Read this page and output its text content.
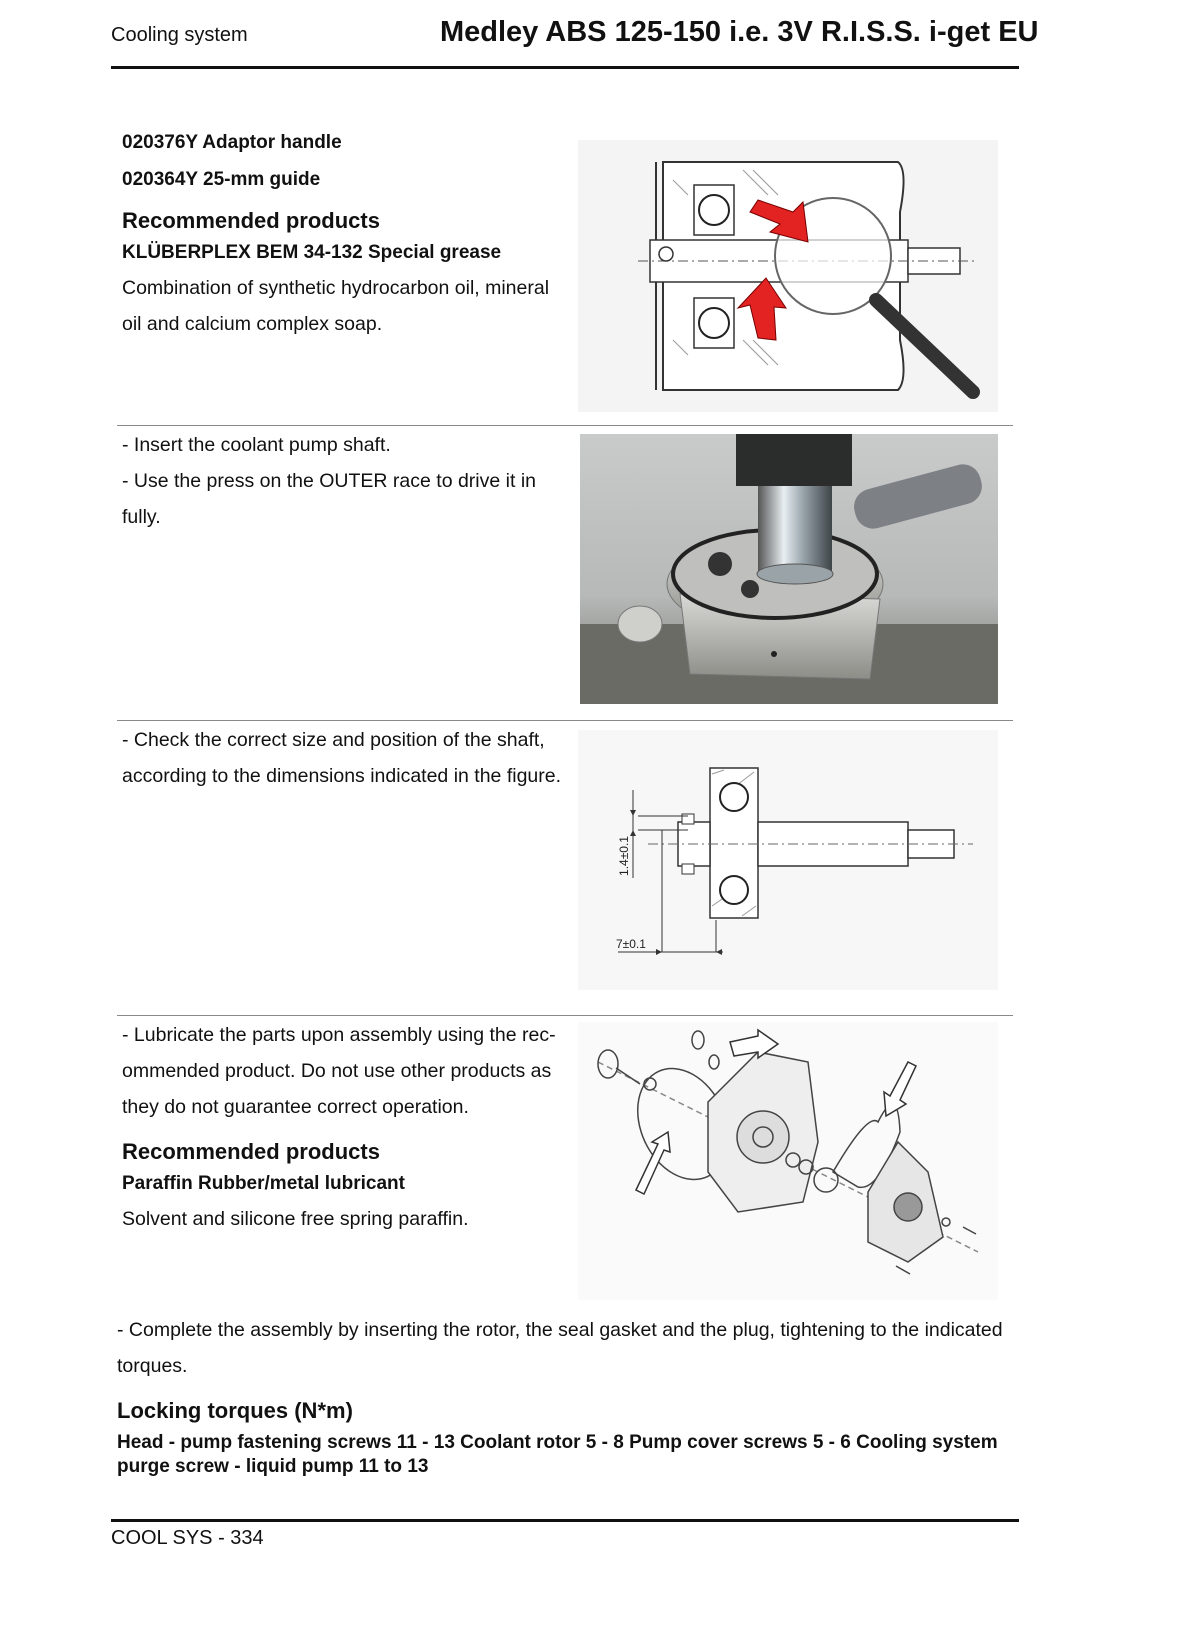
Cooling system	Medley ABS 125-150 i.e. 3V R.I.S.S. i-get EU
020376Y Adaptor handle
020364Y 25-mm guide
Recommended products
KLÜBERPLEX BEM 34-132 Special grease
Combination of synthetic hydrocarbon oil, mineral
oil and calcium complex soap.
- Insert the coolant pump shaft.
- Use the press on the OUTER race to drive it in
fully.
- Check the correct size and position of the shaft,
according to the dimensions indicated in the figure.
1.4±0.1
7±0.1
- Lubricate the parts upon assembly using the rec-
ommended product. Do not use other products as
they do not guarantee correct operation.
Recommended products
Paraffin Rubber/metal lubricant
Solvent and silicone free spring paraffin.
- Complete the assembly by inserting the rotor, the seal gasket and the plug, tightening to the indicated
torques.
Locking torques (N*m)
Head - pump fastening screws 11 - 13 Coolant rotor 5 - 8 Pump cover screws 5 - 6 Cooling system
purge screw - liquid pump 11 to 13
COOL SYS - 334
